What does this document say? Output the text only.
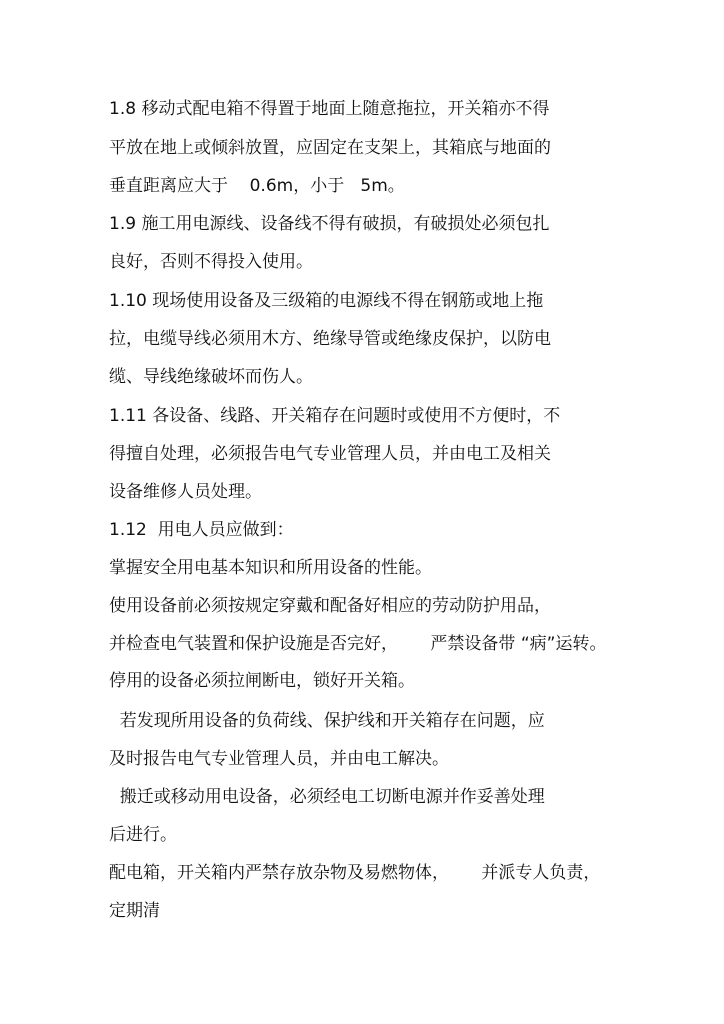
1.8 移动式配电箱不得置于地面上随意拖拉，开关箱亦不得
平放在地上或倾斜放置，应固定在支架上，其箱底与地面的
垂直距离应大于    0.6m，小于   5m。
1.9 施工用电源线、设备线不得有破损，有破损处必须包扎
良好，否则不得投入使用。
1.10 现场使用设备及三级箱的电源线不得在钢筋或地上拖
拉，电缆导线必须用木方、绝缘导管或绝缘皮保护，以防电
缆、导线绝缘破坏而伤人。
1.11 各设备、线路、开关箱存在问题时或使用不方便时，不
得擅自处理，必须报告电气专业管理人员，并由电工及相关
设备维修人员处理。
1.12  用电人员应做到：
掌握安全用电基本知识和所用设备的性能。
使用设备前必须按规定穿戴和配备好相应的劳动防护用品，
并检查电气装置和保护设施是否完好，      严禁设备带 “病”运转。
停用的设备必须拉闸断电，锁好开关箱。
若发现所用设备的负荷线、保护线和开关箱存在问题，应
及时报告电气专业管理人员，并由电工解决。
搬迁或移动用电设备，必须经电工切断电源并作妥善处理
后进行。
配电箱，开关箱内严禁存放杂物及易燃物体，      并派专人负责，
定期清
